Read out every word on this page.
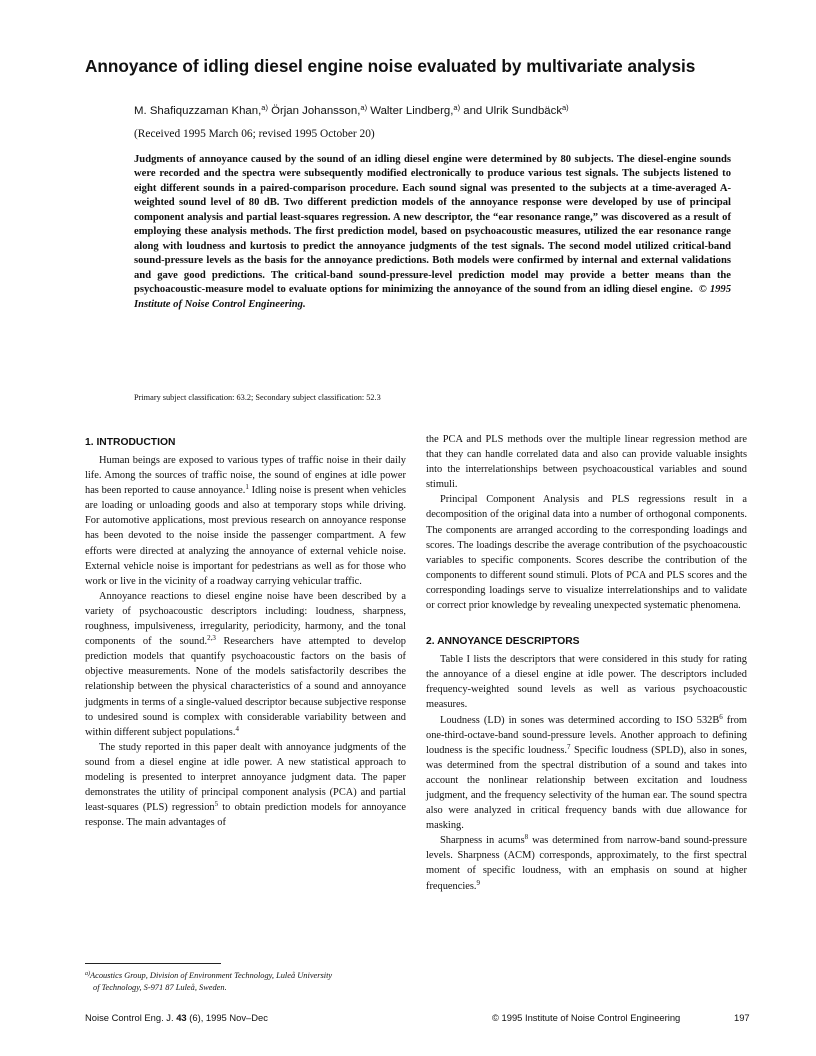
Annoyance of idling diesel engine noise evaluated by multivariate analysis
M. Shafiquzzaman Khan,$^{a)}$ Örjan Johansson,$^{a)}$ Walter Lindberg,$^{a)}$ and Ulrik Sundbäck$^{a)}$
(Received 1995 March 06; revised 1995 October 20)
Judgments of annoyance caused by the sound of an idling diesel engine were determined by 80 subjects. The diesel-engine sounds were recorded and the spectra were subsequently modified electronically to produce various test signals. The subjects listened to eight different sounds in a paired-comparison procedure. Each sound signal was presented to the subjects at a time-averaged A-weighted sound level of 80 dB. Two different prediction models of the annoyance response were developed by use of principal component analysis and partial least-squares regression. A new descriptor, the “ear resonance range,” was discovered as a result of employing these analysis methods. The first prediction model, based on psychoacoustic measures, utilized the ear resonance range along with loudness and kurtosis to predict the annoyance judgments of the test signals. The second model utilized critical-band sound-pressure levels as the basis for the annoyance predictions. Both models were confirmed by internal and external validations and gave good predictions. The critical-band sound-pressure-level prediction model may provide a better means than the psychoacoustic-measure model to evaluate options for minimizing the annoyance of the sound from an idling diesel engine. © 1995 Institute of Noise Control Engineering.
Primary subject classification: 63.2; Secondary subject classification: 52.3
1. INTRODUCTION

Human beings are exposed to various types of traffic noise in their daily life. Among the sources of traffic noise, the sound of engines at idle power has been reported to cause annoyance.$^1$ Idling noise is present when vehicles are loading or unloading goods and also at temporary stops while driving. For automotive applications, most previous research on annoyance response has been devoted to the noise inside the passenger compartment. A few efforts were directed at analyzing the annoyance of external vehicle noise. External vehicle noise is important for pedestrians as well as for those who work or live in the vicinity of a roadway carrying vehicular traffic.

Annoyance reactions to diesel engine noise have been described by a variety of psychoacoustic descriptors including: loudness, sharpness, roughness, impulsiveness, irregularity, periodicity, harmony, and the tonal components of the sound.$^{2,3}$ Researchers have attempted to develop prediction models that quantify psychoacoustic factors on the basis of objective measurements. None of the models satisfactorily describes the relationship between the physical characteristics of a sound and annoyance judgments in terms of a single-valued descriptor because subjective response to undesired sound is complex with considerable variability between and within different subject populations.$^4$

The study reported in this paper dealt with annoyance judgments of the sound from a diesel engine at idle power. A new statistical approach to modeling is presented to interpret annoyance judgment data. The paper demonstrates the utility of principal component analysis (PCA) and partial least-squares (PLS) regression$^5$ to obtain prediction models for annoyance response. The main advantages of

the PCA and PLS methods over the multiple linear regression method are that they can handle correlated data and also can provide valuable insights into the interrelationships between psychoacoustical variables and sound stimuli.

Principal Component Analysis and PLS regressions result in a decomposition of the original data into a number of orthogonal components. The components are arranged according to the corresponding loadings and scores. The loadings describe the average contribution of the psychoacoustic variables to specific components. Scores describe the contribution of the components to different sound stimuli. Plots of PCA and PLS scores and the corresponding loadings serve to visualize interrelationships and to validate or correct prior knowledge by revealing unexpected systematic phenomena.

2. ANNOYANCE DESCRIPTORS

Table I lists the descriptors that were considered in this study for rating the annoyance of a diesel engine at idle power. The descriptors included frequency-weighted sound levels as well as various psychoacoustic measures.

Loudness (LD) in sones was determined according to ISO $532B^6$ from one-third-octave-band sound-pressure levels. Another approach to defining loudness is the specific loudness.$^7$ Specific loudness (SPLD), also in sones, was determined from the spectral distribution of a sound and takes into account the nonlinear relationship between excitation and loudness judgment, and the frequency selectivity of the human ear. The sound spectra also were analyzed in critical frequency bands with due allowance for masking.

Sharpness in acums$^8$ was determined from narrow-band sound-pressure levels. Sharpness (ACM) corresponds, approximately, to the first spectral moment of specific loudness, with an emphasis on sound at higher frequencies.$^9$

$^{a)}$Acoustics Group, Division of Environment Technology, Luleå University
of Technology, S-971 87 Luleå, Sweden.
Noise Control Eng. J. 43 (6), 1995 Nov–Dec	© 1995 Institute of Noise Control Engineering	197
